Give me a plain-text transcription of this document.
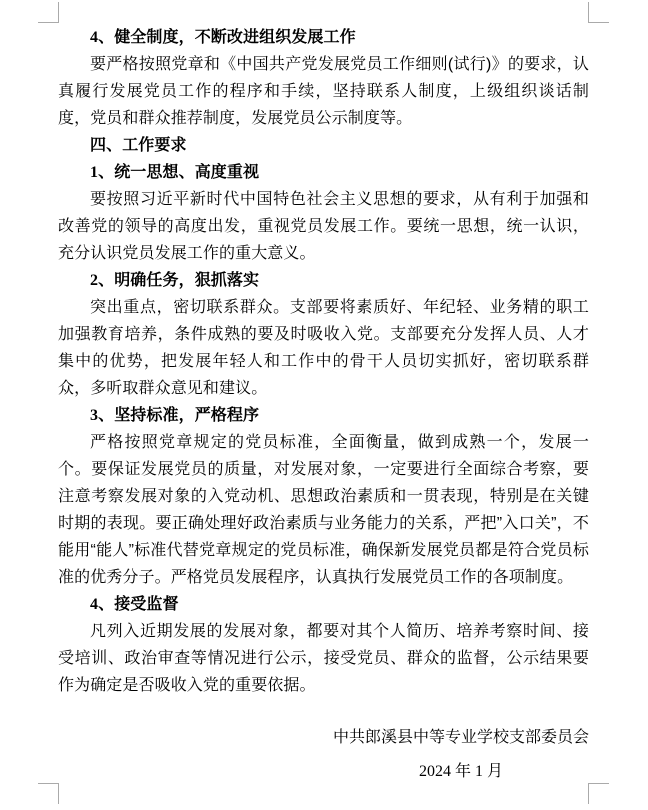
4、健全制度，不断改进组织发展工作

要严格按照党章和《中国共产党发展党员工作细则(试行)》的要求，认真履行发展党员工作的程序和手续，坚持联系人制度，上级组织谈话制度，党员和群众推荐制度，发展党员公示制度等。

四、工作要求

1、统一思想、高度重视

要按照习近平新时代中国特色社会主义思想的要求，从有利于加强和改善党的领导的高度出发，重视党员发展工作。要统一思想，统一认识，充分认识党员发展工作的重大意义。

2、明确任务，狠抓落实

突出重点，密切联系群众。支部要将素质好、年纪轻、业务精的职工加强教育培养，条件成熟的要及时吸收入党。支部要充分发挥人员、人才集中的优势，把发展年轻人和工作中的骨干人员切实抓好，密切联系群众，多听取群众意见和建议。

3、坚持标准，严格程序

严格按照党章规定的党员标准，全面衡量，做到成熟一个，发展一个。要保证发展党员的质量，对发展对象，一定要进行全面综合考察，要注意考察发展对象的入党动机、思想政治素质和一贯表现，特别是在关键时期的表现。要正确处理好政治素质与业务能力的关系，严把”入口关”，不能用“能人”标准代替党章规定的党员标准，确保新发展党员都是符合党员标准的优秀分子。严格党员发展程序，认真执行发展党员工作的各项制度。

4、接受监督

凡列入近期发展的发展对象，都要对其个人简历、培养考察时间、接受培训、政治审查等情况进行公示，接受党员、群众的监督，公示结果要作为确定是否吸收入党的重要依据。

中共郎溪县中等专业学校支部委员会
2024 年 1 月
